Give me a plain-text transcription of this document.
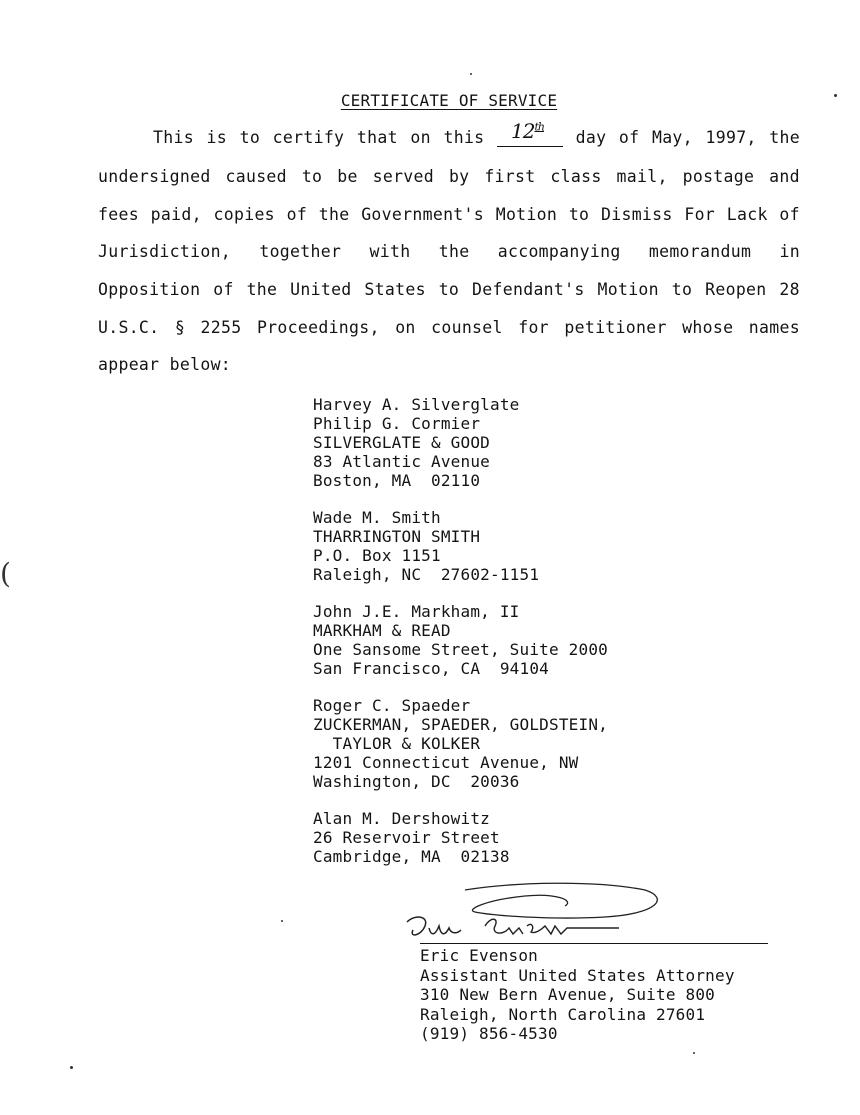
CERTIFICATE OF SERVICE
This is to certify that on this 12th
day of May, 1997, the
undersigned caused to be served by first class mail, postage and
fees paid, copies of the Government's Motion to Dismiss For Lack of
Jurisdiction, together with the accompanying memorandum in
Opposition of the United States to Defendant's Motion to Reopen 28
U.S.C. § 2255 Proceedings, on counsel for petitioner whose names
appear below:
Harvey A. Silverglate
Philip G. Cormier
SILVERGLATE & GOOD
83 Atlantic Avenue
Boston, MA  02110
Wade M. Smith
THARRINGTON SMITH
P.O. Box 1151
Raleigh, NC  27602-1151
John J.E. Markham, II
MARKHAM & READ
One Sansome Street, Suite 2000
San Francisco, CA  94104
Roger C. Spaeder
ZUCKERMAN, SPAEDER, GOLDSTEIN,
TAYLOR & KOLKER
1201 Connecticut Avenue, NW
Washington, DC  20036
Alan M. Dershowitz
26 Reservoir Street
Cambridge, MA  02138
Eric Evenson
Assistant United States Attorney
310 New Bern Avenue, Suite 800
Raleigh, North Carolina 27601
(919) 856-4530
(
